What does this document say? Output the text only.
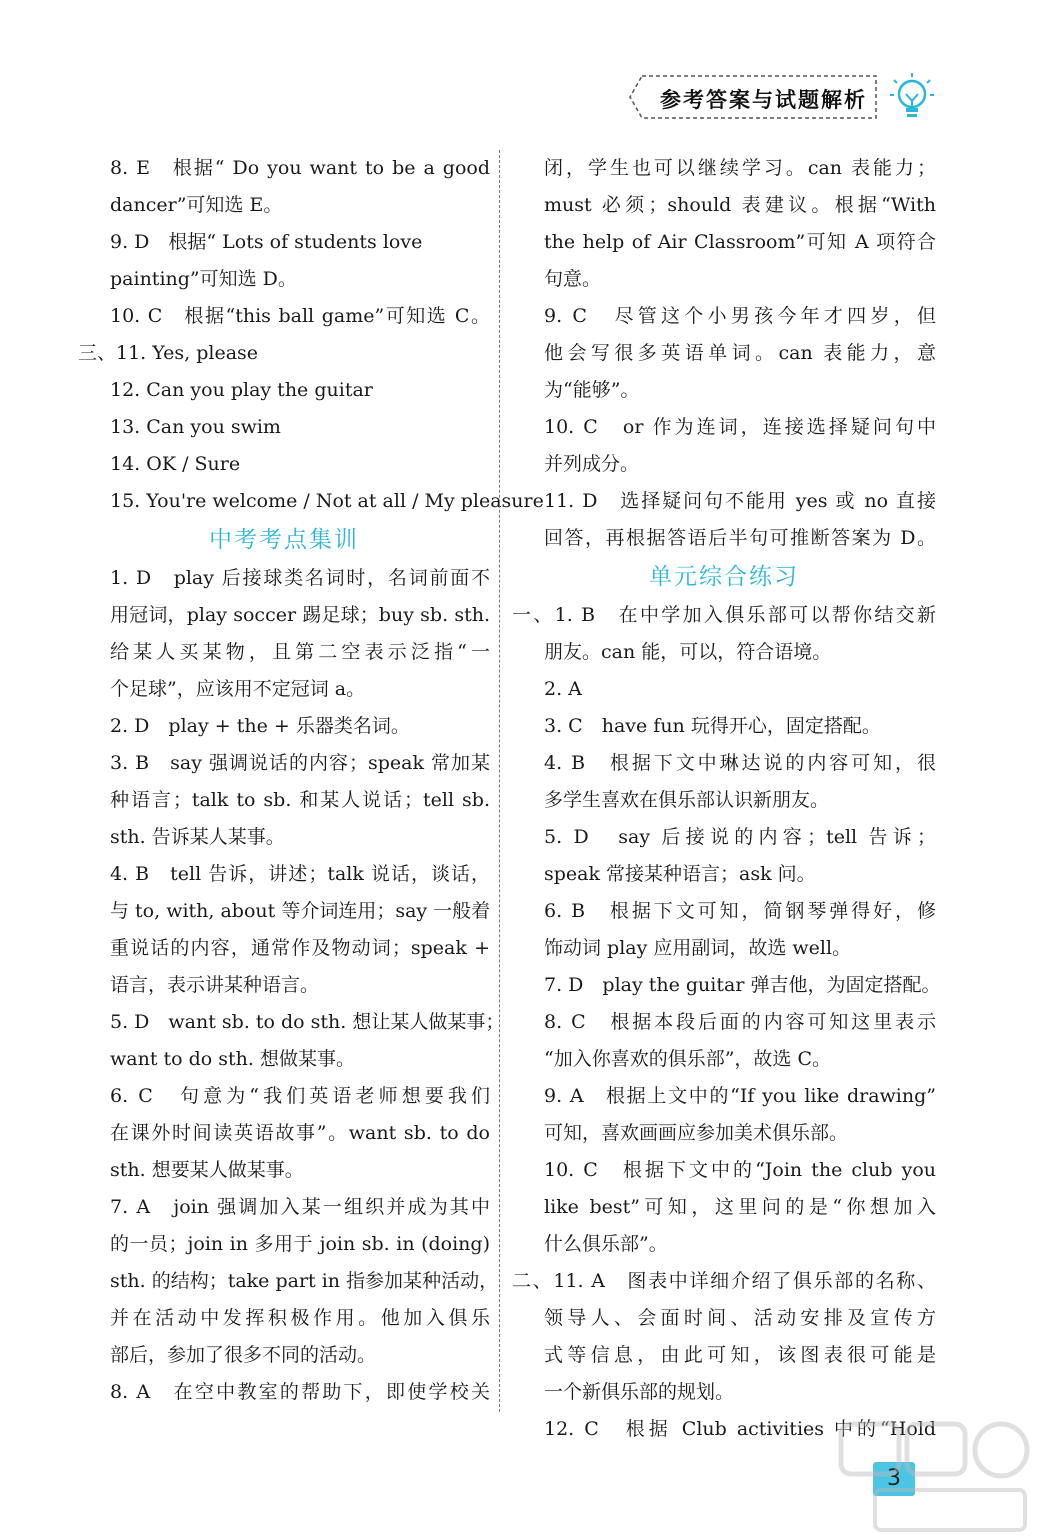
参考答案与试题解析
8. E　根据“ Do you want to be a good
dancer”可知选 E。
9. D　根据“ Lots of students love
painting”可知选 D。
10. C　根据“this ball game”可知选 C。
三、11. Yes, please
12. Can you play the guitar
13. Can you swim
14. OK / Sure
15. You're welcome / Not at all / My pleasure
中考考点集训
1. D　play 后接球类名词时，名词前面不
用冠词，play soccer 踢足球；buy sb. sth.
给某人买某物，且第二空表示泛指“一
个足球”，应该用不定冠词 a。
2. D　play + the + 乐器类名词。
3. B　say 强调说话的内容；speak 常加某
种语言；talk to sb. 和某人说话；tell sb.
sth. 告诉某人某事。
4. B　tell 告诉，讲述；talk 说话，谈话，
与 to, with, about 等介词连用；say 一般着
重说话的内容，通常作及物动词；speak +
语言，表示讲某种语言。
5. D　want sb. to do sth. 想让某人做某事；
want to do sth. 想做某事。
6. C　句意为“我们英语老师想要我们
在课外时间读英语故事”。want sb. to do
sth. 想要某人做某事。
7. A　join 强调加入某一组织并成为其中
的一员；join in 多用于 join sb. in (doing)
sth. 的结构；take part in 指参加某种活动，
并在活动中发挥积极作用。他加入俱乐
部后，参加了很多不同的活动。
8. A　在空中教室的帮助下，即使学校关
闭，学生也可以继续学习。can 表能力；
must 必须；should 表建议。根据“With
the help of Air Classroom”可知 A 项符合
句意。
9. C　尽管这个小男孩今年才四岁，但
他会写很多英语单词。can 表能力，意
为“能够”。
10. C　or 作为连词，连接选择疑问句中
并列成分。
11. D　选择疑问句不能用 yes 或 no 直接
回答，再根据答语后半句可推断答案为 D。
单元综合练习
一、1. B　在中学加入俱乐部可以帮你结交新
朋友。can 能，可以，符合语境。
2. A
3. C　have fun 玩得开心，固定搭配。
4. B　根据下文中琳达说的内容可知，很
多学生喜欢在俱乐部认识新朋友。
5. D　say 后接说的内容；tell 告诉；
speak 常接某种语言；ask 问。
6. B　根据下文可知，简钢琴弹得好，修
饰动词 play 应用副词，故选 well。
7. D　play the guitar 弹吉他，为固定搭配。
8. C　根据本段后面的内容可知这里表示
“加入你喜欢的俱乐部”，故选 C。
9. A　根据上文中的“If you like drawing”
可知，喜欢画画应参加美术俱乐部。
10. C　根据下文中的“Join the club you
like best”可知，这里问的是“你想加入
什么俱乐部”。
二、11. A　图表中详细介绍了俱乐部的名称、
领导人、会面时间、活动安排及宣传方
式等信息，由此可知，该图表很可能是
一个新俱乐部的规划。
12. C　根据 Club activities 中的“Hold
3
